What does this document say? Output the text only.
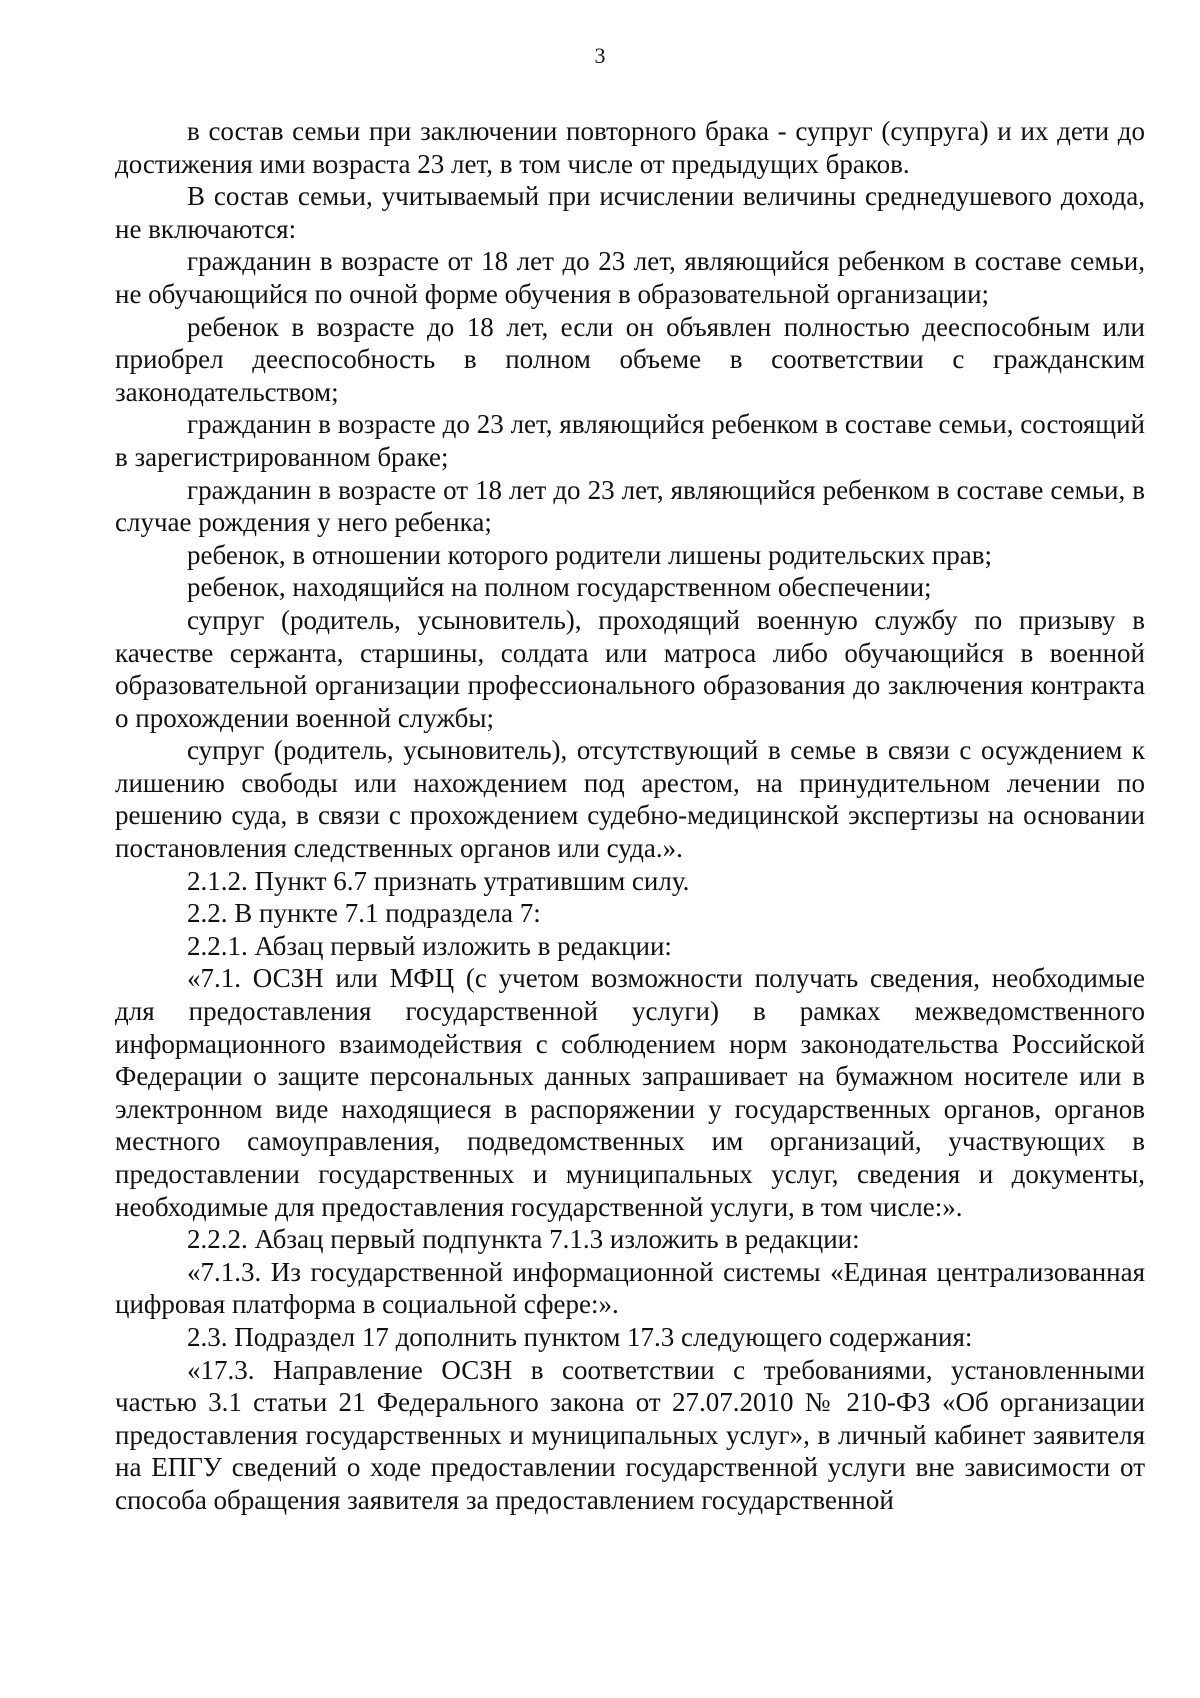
3

в состав семьи при заключении повторного брака - супруг (супруга) и их дети до достижения ими возраста 23 лет, в том числе от предыдущих браков.

В состав семьи, учитываемый при исчислении величины среднедушевого дохода, не включаются:

гражданин в возрасте от 18 лет до 23 лет, являющийся ребенком в составе семьи, не обучающийся по очной форме обучения в образовательной организации;

ребенок в возрасте до 18 лет, если он объявлен полностью дееспособным или приобрел дееспособность в полном объеме в соответствии с гражданским законодательством;

гражданин в возрасте до 23 лет, являющийся ребенком в составе семьи, состоящий в зарегистрированном браке;

гражданин в возрасте от 18 лет до 23 лет, являющийся ребенком в составе семьи, в случае рождения у него ребенка;

ребенок, в отношении которого родители лишены родительских прав;

ребенок, находящийся на полном государственном обеспечении;

супруг (родитель, усыновитель), проходящий военную службу по призыву в качестве сержанта, старшины, солдата или матроса либо обучающийся в военной образовательной организации профессионального образования до заключения контракта о прохождении военной службы;

супруг (родитель, усыновитель), отсутствующий в семье в связи с осуждением к лишению свободы или нахождением под арестом, на принудительном лечении по решению суда, в связи с прохождением судебно-медицинской экспертизы на основании постановления следственных органов или суда.».

2.1.2. Пункт 6.7 признать утратившим силу.

2.2. В пункте 7.1 подраздела 7:

2.2.1. Абзац первый изложить в редакции:

«7.1. ОСЗН или МФЦ (с учетом возможности получать сведения, необходимые для предоставления государственной услуги) в рамках межведомственного информационного взаимодействия с соблюдением норм законодательства Российской Федерации о защите персональных данных запрашивает на бумажном носителе или в электронном виде находящиеся в распоряжении у государственных органов, органов местного самоуправления, подведомственных им организаций, участвующих в предоставлении государственных и муниципальных услуг, сведения и документы, необходимые для предоставления государственной услуги, в том числе:».

2.2.2. Абзац первый подпункта 7.1.3 изложить в редакции:

«7.1.3. Из государственной информационной системы «Единая централизованная цифровая платформа в социальной сфере:».

2.3. Подраздел 17 дополнить пунктом 17.3 следующего содержания:

«17.3. Направление ОСЗН в соответствии с требованиями, установленными частью 3.1 статьи 21 Федерального закона от 27.07.2010 № 210-ФЗ «Об организации предоставления государственных и муниципальных услуг», в личный кабинет заявителя на ЕПГУ сведений о ходе предоставлении государственной услуги вне зависимости от способа обращения заявителя за предоставлением государственной
